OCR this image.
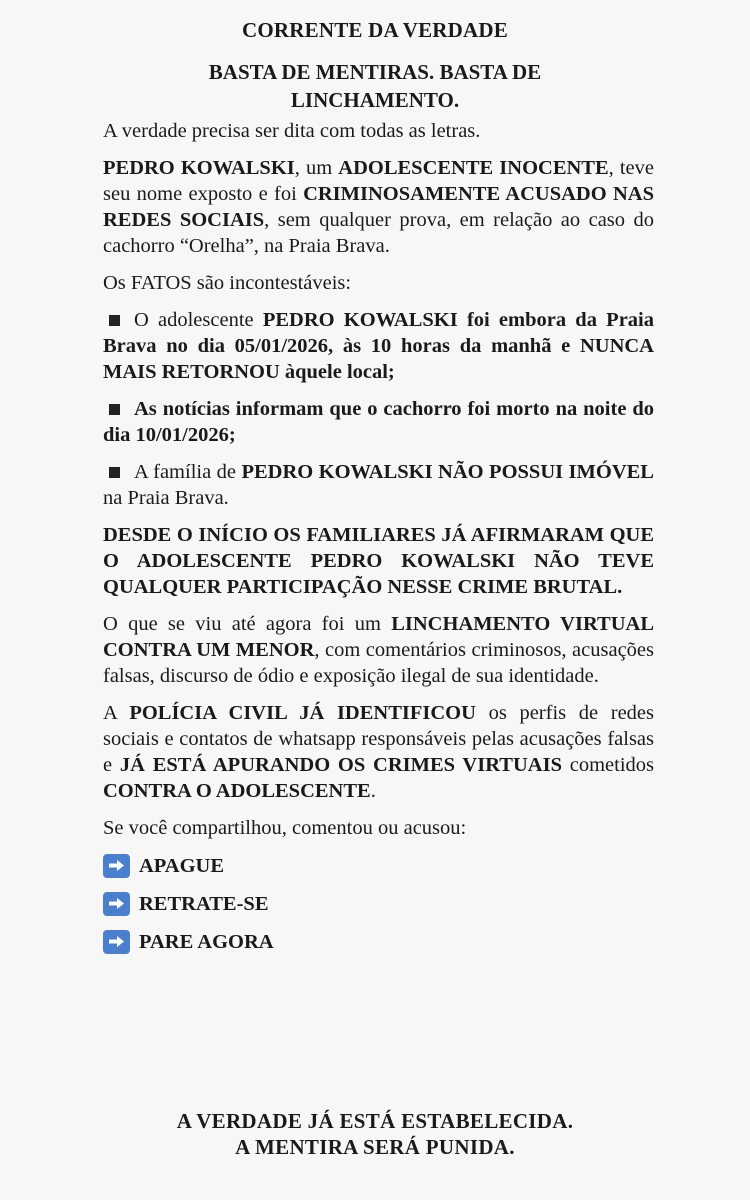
CORRENTE DA VERDADE
BASTA DE MENTIRAS. BASTA DE
LINCHAMENTO.

A verdade precisa ser dita com todas as letras.

PEDRO KOWALSKI, um ADOLESCENTE INOCENTE, teve seu nome exposto e foi CRIMINOSAMENTE ACUSADO NAS REDES SOCIAIS, sem qualquer prova, em relação ao caso do cachorro “Orelha”, na Praia Brava.

Os FATOS são incontestáveis:

O adolescente PEDRO KOWALSKI foi embora da Praia Brava no dia 05/01/2026, às 10 horas da manhã e NUNCA MAIS RETORNOU àquele local;

As notícias informam que o cachorro foi morto na noite do dia 10/01/2026;

A família de PEDRO KOWALSKI NÃO POSSUI IMÓVEL na Praia Brava.

DESDE O INÍCIO OS FAMILIARES JÁ AFIRMARAM QUE O ADOLESCENTE PEDRO KOWALSKI NÃO TEVE QUALQUER PARTICIPAÇÃO NESSE CRIME BRUTAL.

O que se viu até agora foi um LINCHAMENTO VIRTUAL CONTRA UM MENOR, com comentários criminosos, acusações falsas, discurso de ódio e exposição ilegal de sua identidade.

A POLÍCIA CIVIL JÁ IDENTIFICOU os perfis de redes sociais e contatos de whatsapp responsáveis pelas acusações falsas e JÁ ESTÁ APURANDO OS CRIMES VIRTUAIS cometidos CONTRA O ADOLESCENTE.

Se você compartilhou, comentou ou acusou:

APAGUE
RETRATE-SE
PARE AGORA
A VERDADE JÁ ESTÁ ESTABELECIDA.
A MENTIRA SERÁ PUNIDA.
